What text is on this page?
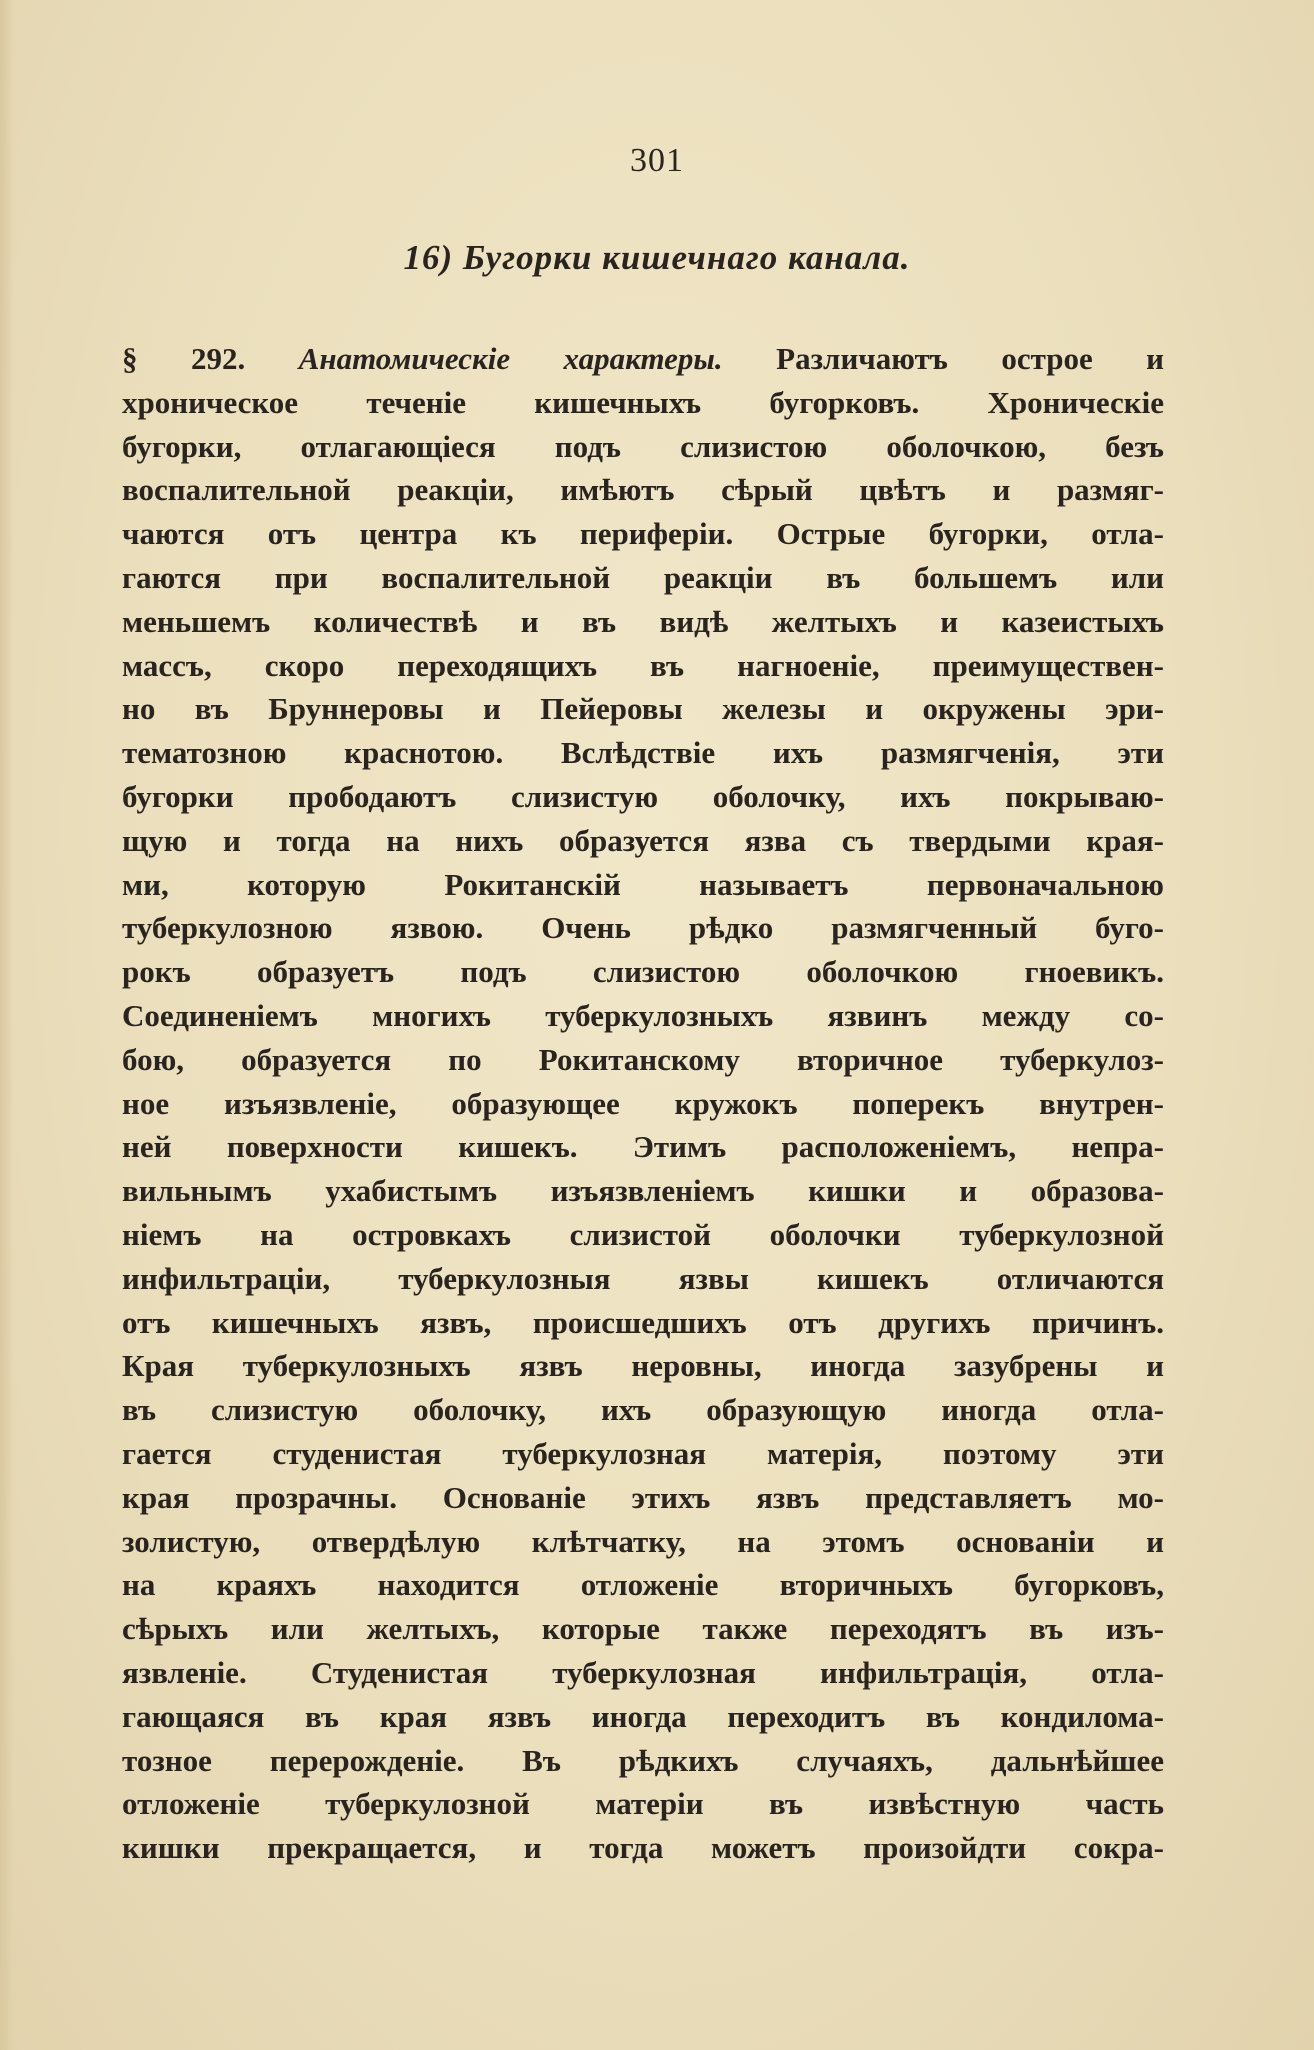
301
16) Бугорки кишечнаго канала.
§ 292. Анатомическіе характеры. Различаютъ острое и
хроническое теченіе кишечныхъ бугорковъ. Хроническіе
бугорки, отлагающіеся подъ слизистою оболочкою, безъ
воспалительной реакціи, имѣютъ сѣрый цвѣтъ и размяг-
чаются отъ центра къ периферіи. Острые бугорки, отла-
гаются при воспалительной реакціи въ большемъ или
меньшемъ количествѣ и въ видѣ желтыхъ и казеистыхъ
массъ, скоро переходящихъ въ нагноеніе, преимуществен-
но въ Бруннеровы и Пейеровы железы и окружены эри-
тематозною краснотою. Вслѣдствіе ихъ размягченія, эти
бугорки прободаютъ слизистую оболочку, ихъ покрываю-
щую и тогда на нихъ образуется язва съ твердыми края-
ми, которую Рокитанскій называетъ первоначальною
туберкулозною язвою. Очень рѣдко размягченный буго-
рокъ образуетъ подъ слизистою оболочкою гноевикъ.
Соединеніемъ многихъ туберкулозныхъ язвинъ между со-
бою, образуется по Рокитанскому вторичное туберкулоз-
ное изъязвленіе, образующее кружокъ поперекъ внутрен-
ней поверхности кишекъ. Этимъ расположеніемъ, непра-
вильнымъ ухабистымъ изъязвленіемъ кишки и образова-
ніемъ на островкахъ слизистой оболочки туберкулозной
инфильтраціи, туберкулозныя язвы кишекъ отличаются
отъ кишечныхъ язвъ, происшедшихъ отъ другихъ причинъ.
Края туберкулозныхъ язвъ неровны, иногда зазубрены и
въ слизистую оболочку, ихъ образующую иногда отла-
гается студенистая туберкулозная матерія, поэтому эти
края прозрачны. Основаніе этихъ язвъ представляетъ мо-
золистую, отвердѣлую клѣтчатку, на этомъ основаніи и
на краяхъ находится отложеніе вторичныхъ бугорковъ,
сѣрыхъ или желтыхъ, которые также переходятъ въ изъ-
язвленіе. Студенистая туберкулозная инфильтрація, отла-
гающаяся въ края язвъ иногда переходитъ въ кондилома-
тозное перерожденіе. Въ рѣдкихъ случаяхъ, дальнѣйшее
отложеніе туберкулозной матеріи въ извѣстную часть
кишки прекращается, и тогда можетъ произойдти сокра-
